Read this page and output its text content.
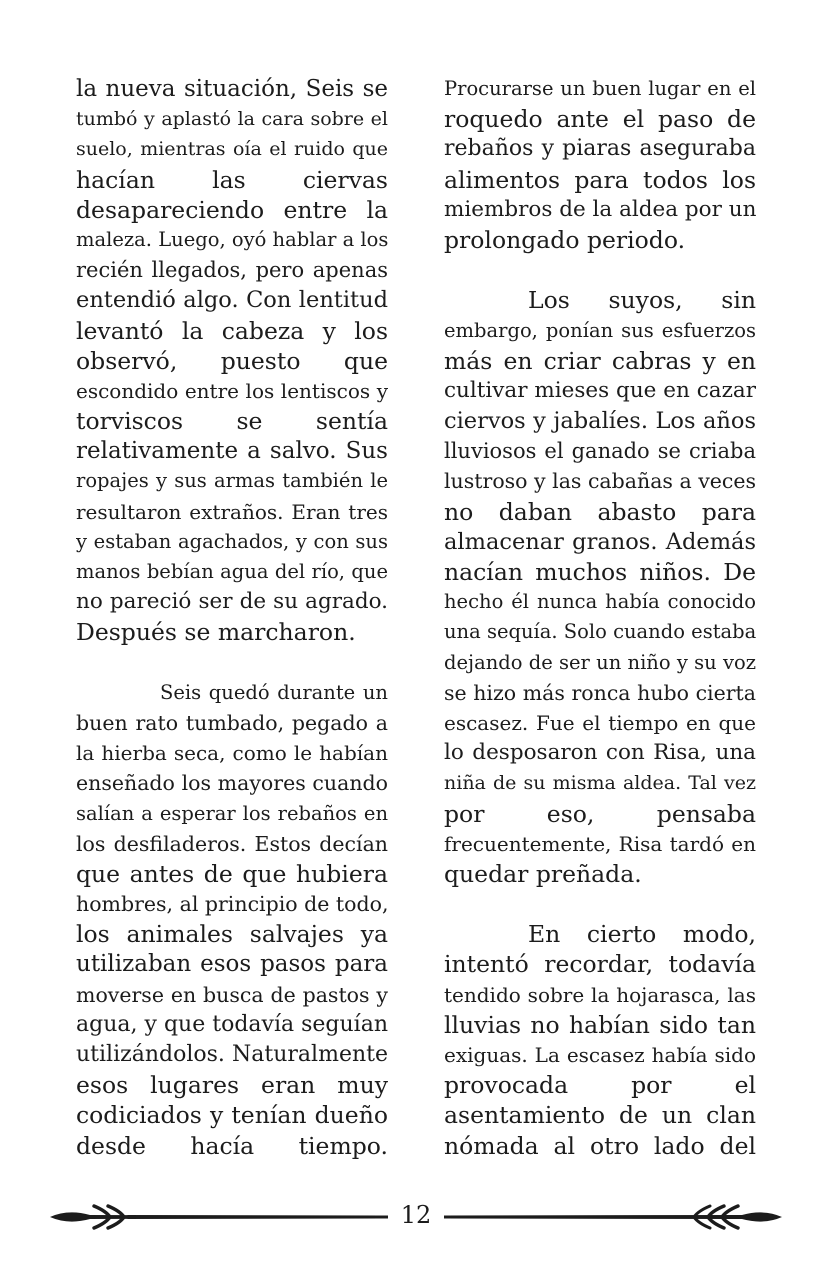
la nueva situación, Seis se
tumbó y aplastó la cara sobre el
suelo, mientras oía el ruido que
hacían las ciervas
desapareciendo entre la
maleza. Luego, oyó hablar a los
recién llegados, pero apenas
entendió algo. Con lentitud
levantó la cabeza y los
observó, puesto que
escondido entre los lentiscos y
torviscos se sentía
relativamente a salvo. Sus
ropajes y sus armas también le
resultaron extraños. Eran tres
y estaban agachados, y con sus
manos bebían agua del río, que
no pareció ser de su agrado.
Después se marcharon.
Seis quedó durante un
buen rato tumbado, pegado a
la hierba seca, como le habían
enseñado los mayores cuando
salían a esperar los rebaños en
los desfiladeros. Estos decían
que antes de que hubiera
hombres, al principio de todo,
los animales salvajes ya
utilizaban esos pasos para
moverse en busca de pastos y
agua, y que todavía seguían
utilizándolos. Naturalmente
esos lugares eran muy
codiciados y tenían dueño
desde hacía tiempo.
Procurarse un buen lugar en el
roquedo ante el paso de
rebaños y piaras aseguraba
alimentos para todos los
miembros de la aldea por un
prolongado periodo.
Los suyos, sin
embargo, ponían sus esfuerzos
más en criar cabras y en
cultivar mieses que en cazar
ciervos y jabalíes. Los años
lluviosos el ganado se criaba
lustroso y las cabañas a veces
no daban abasto para
almacenar granos. Además
nacían muchos niños. De
hecho él nunca había conocido
una sequía. Solo cuando estaba
dejando de ser un niño y su voz
se hizo más ronca hubo cierta
escasez. Fue el tiempo en que
lo desposaron con Risa, una
niña de su misma aldea. Tal vez
por eso, pensaba
frecuentemente, Risa tardó en
quedar preñada.
En cierto modo,
intentó recordar, todavía
tendido sobre la hojarasca, las
lluvias no habían sido tan
exiguas. La escasez había sido
provocada por el
asentamiento de un clan
nómada al otro lado del
12
